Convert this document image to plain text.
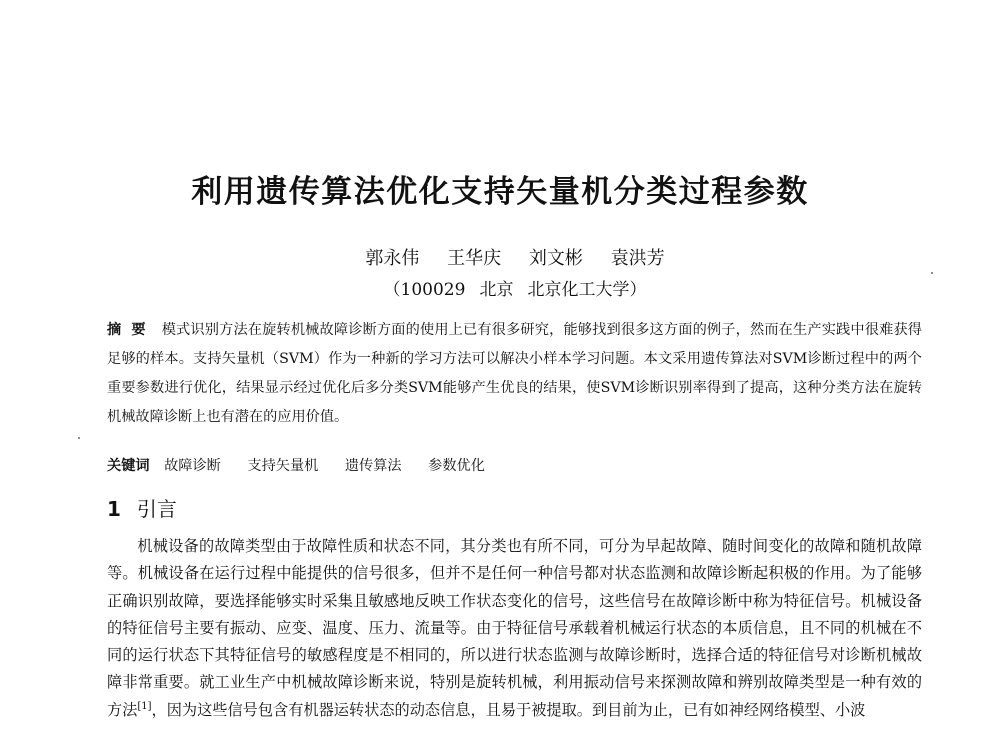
利用遗传算法优化支持矢量机分类过程参数
郭永伟 王华庆 刘文彬 袁洪芳
（100029 北京 北京化工大学）
摘要 模式识别方法在旋转机械故障诊断方面的使用上已有很多研究，能够找到很多这方面的例子，然而在生产实践中很难获得足够的样本。支持矢量机（SVM）作为一种新的学习方法可以解决小样本学习问题。本文采用遗传算法对SVM诊断过程中的两个重要参数进行优化，结果显示经过优化后多分类SVM能够产生优良的结果，使SVM诊断识别率得到了提高，这种分类方法在旋转机械故障诊断上也有潜在的应用价值。
关键词 故障诊断 支持矢量机 遗传算法 参数优化
1 引言
机械设备的故障类型由于故障性质和状态不同，其分类也有所不同，可分为早起故障、随时间变化的故障和随机故障等。机械设备在运行过程中能提供的信号很多，但并不是任何一种信号都对状态监测和故障诊断起积极的作用。为了能够正确识别故障，要选择能够实时采集且敏感地反映工作状态变化的信号，这些信号在故障诊断中称为特征信号。机械设备的特征信号主要有振动、应变、温度、压力、流量等。由于特征信号承载着机械运行状态的本质信息，且不同的机械在不同的运行状态下其特征信号的敏感程度是不相同的，所以进行状态监测与故障诊断时，选择合适的特征信号对诊断机械故障非常重要。就工业生产中机械故障诊断来说，特别是旋转机械，利用振动信号来探测故障和辨别故障类型是一种有效的方法[1]，因为这些信号包含有机器运转状态的动态信息，且易于被提取。到目前为止，已有如神经网络模型、小波
